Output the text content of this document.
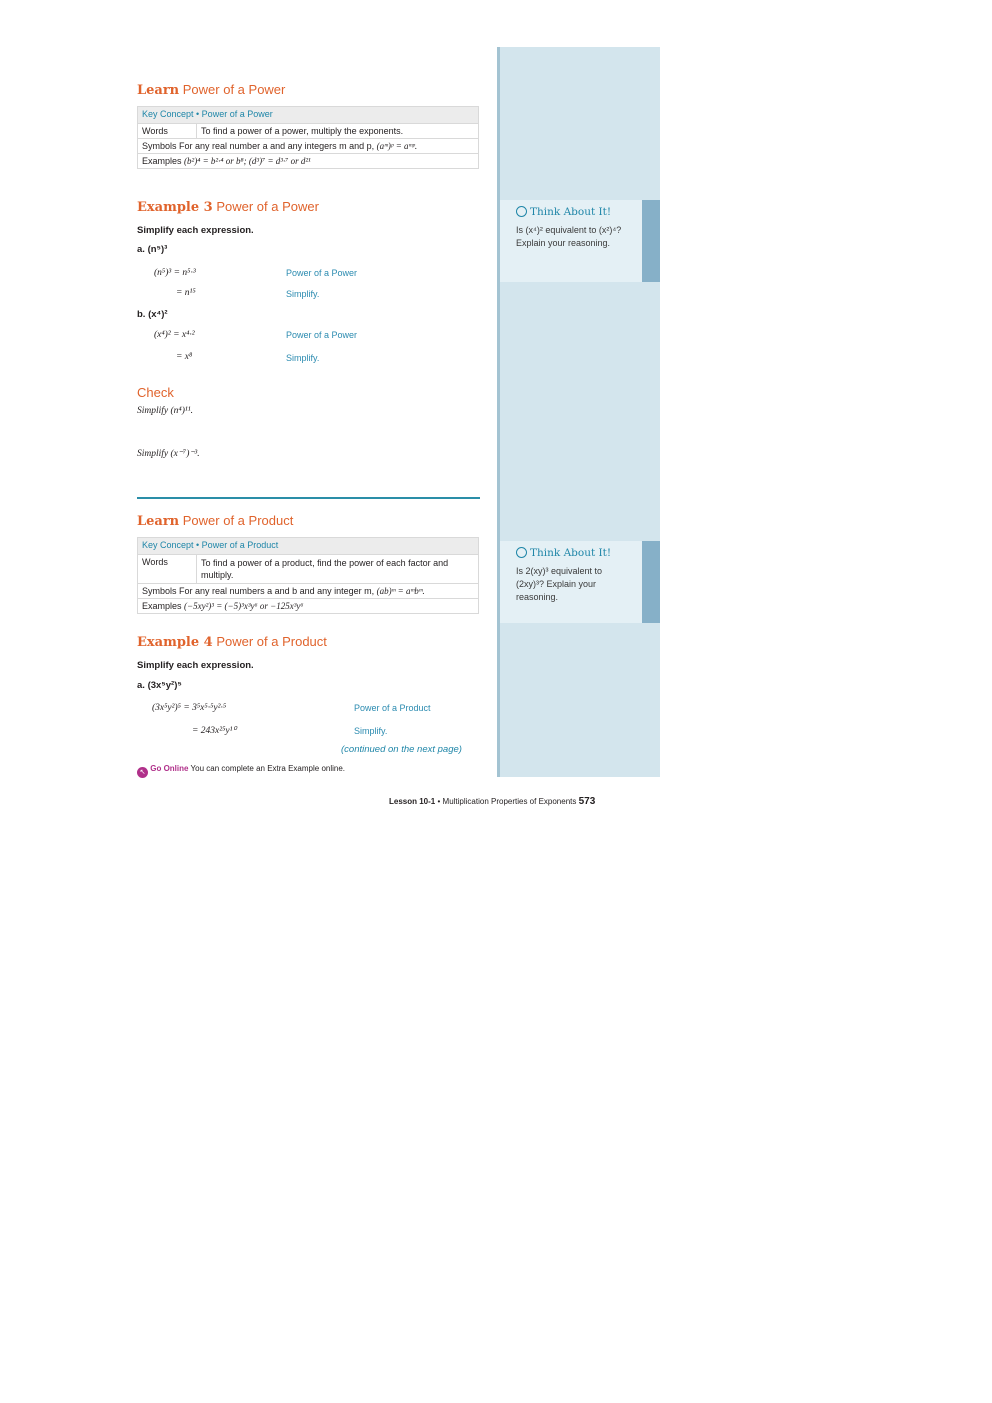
Think About It!
Is (x⁴)² equivalent to (x²)⁴? Explain your reasoning.
Think About It!
Is 2(xy)³ equivalent to (2xy)³? Explain your reasoning.
Learn Power of a Power
Key Concept • Power of a Power
Words	To find a power of a power, multiply the exponents.
Symbols For any real number a and any integers m and p, (aᵐ)ᵖ = aᵐᵖ.
Examples (b²)⁴ = b²·⁴ or b⁸; (d³)⁷ = d³·⁷ or d²¹
Example 3 Power of a Power
Simplify each expression.
a. (n⁵)³
(n⁵)³ = n⁵·³	Power of a Power
= n¹⁵	Simplify.
b. (x⁴)²
(x⁴)² = x⁴·²	Power of a Power
= x⁸	Simplify.
Check
Simplify (n⁴)¹¹.
Simplify (x⁻⁷)⁻³.
Learn Power of a Product
Key Concept • Power of a Product
Words	To find a power of a product, find the power of each factor and multiply.
Symbols For any real numbers a and b and any integer m, (ab)ᵐ = aᵐbᵐ.
Examples (−5xy²)³ = (−5)³x³y⁶ or −125x³y⁶
Example 4 Power of a Product
Simplify each expression.
a. (3x⁵y²)⁵
(3x⁵y²)⁵ = 3⁵x⁵·⁵y²·⁵	Power of a Product
= 243x²⁵y¹⁰	Simplify.
(continued on the next page)
↖ Go Online You can complete an Extra Example online.
Lesson 10-1 • Multiplication Properties of Exponents 573
